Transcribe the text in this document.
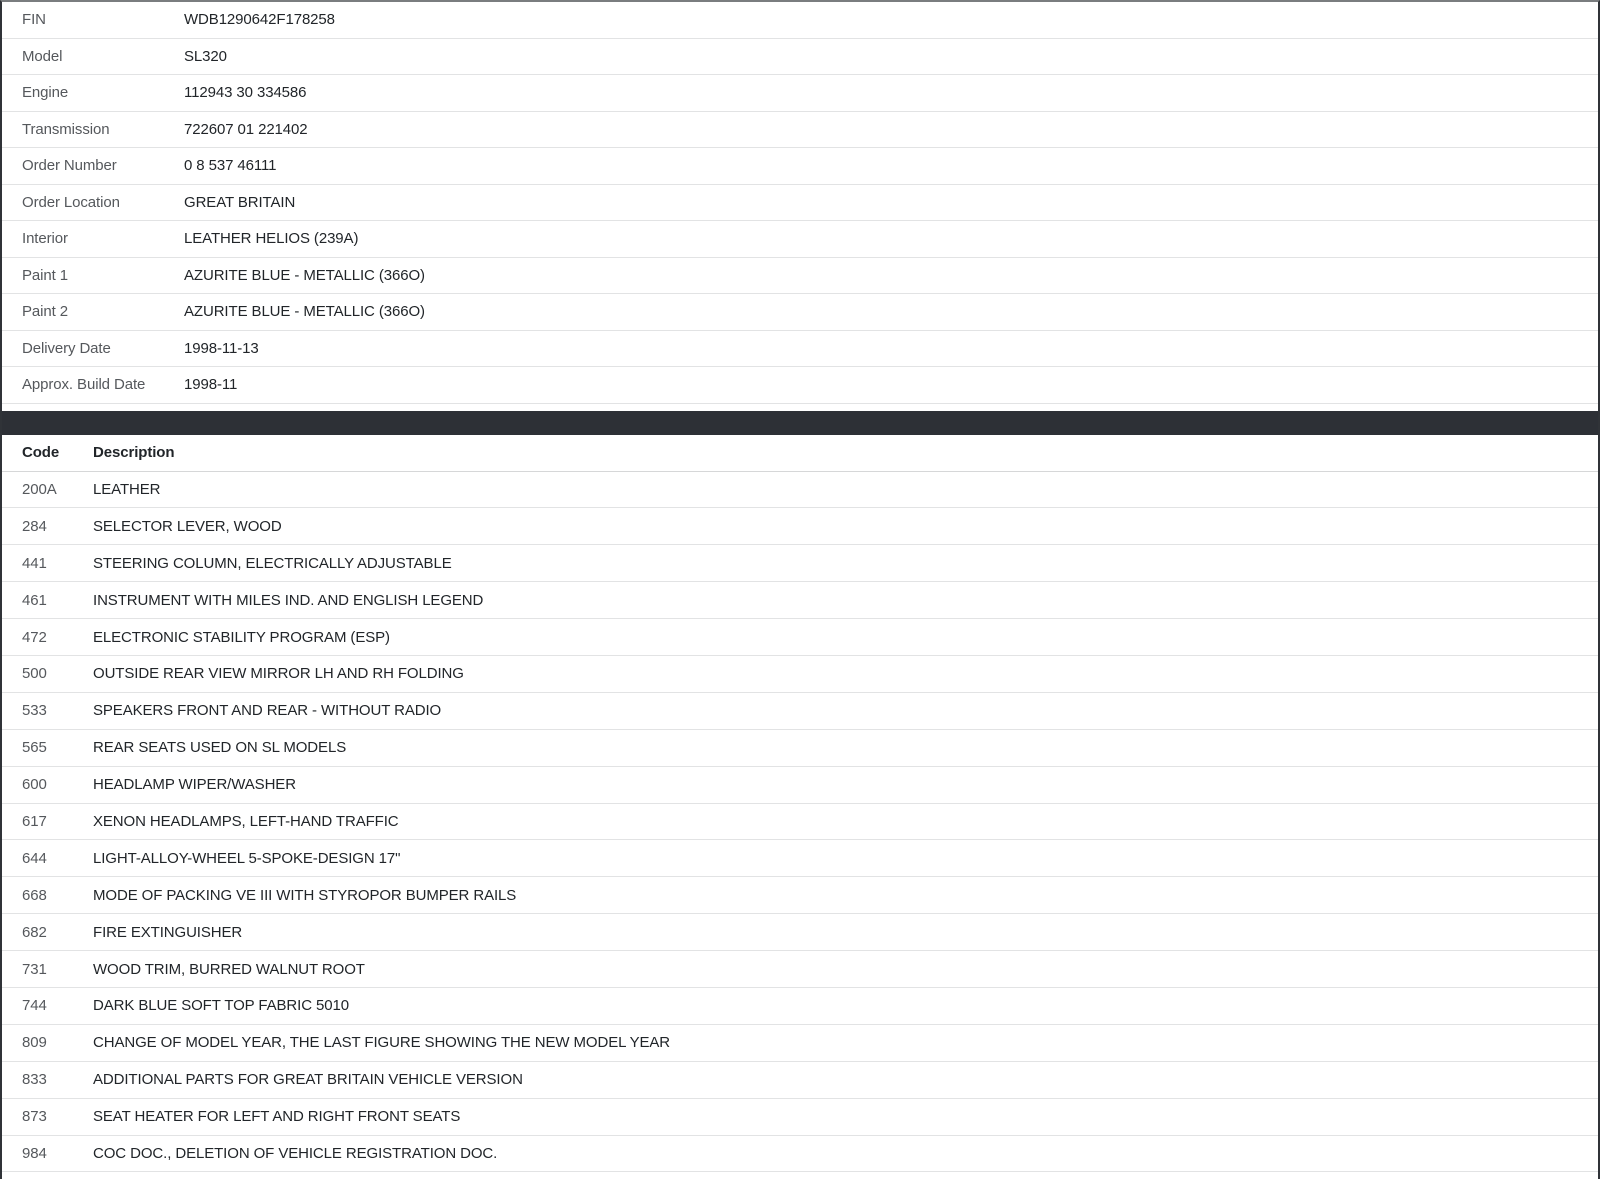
FIN	WDB1290642F178258
Model	SL320
Engine	112943 30 334586
Transmission	722607 01 221402
Order Number	0 8 537 46111
Order Location	GREAT BRITAIN
Interior	LEATHER HELIOS (239A)
Paint 1	AZURITE BLUE - METALLIC (366O)
Paint 2	AZURITE BLUE - METALLIC (366O)
Delivery Date	1998-11-13
Approx. Build Date	1998-11
Code	Description
200A	LEATHER
284	SELECTOR LEVER, WOOD
441	STEERING COLUMN, ELECTRICALLY ADJUSTABLE
461	INSTRUMENT WITH MILES IND. AND ENGLISH LEGEND
472	ELECTRONIC STABILITY PROGRAM (ESP)
500	OUTSIDE REAR VIEW MIRROR LH AND RH FOLDING
533	SPEAKERS FRONT AND REAR - WITHOUT RADIO
565	REAR SEATS USED ON SL MODELS
600	HEADLAMP WIPER/WASHER
617	XENON HEADLAMPS, LEFT-HAND TRAFFIC
644	LIGHT-ALLOY-WHEEL 5-SPOKE-DESIGN 17"
668	MODE OF PACKING VE III WITH STYROPOR BUMPER RAILS
682	FIRE EXTINGUISHER
731	WOOD TRIM, BURRED WALNUT ROOT
744	DARK BLUE SOFT TOP FABRIC 5010
809	CHANGE OF MODEL YEAR, THE LAST FIGURE SHOWING THE NEW MODEL YEAR
833	ADDITIONAL PARTS FOR GREAT BRITAIN VEHICLE VERSION
873	SEAT HEATER FOR LEFT AND RIGHT FRONT SEATS
984	COC DOC., DELETION OF VEHICLE REGISTRATION DOC.
